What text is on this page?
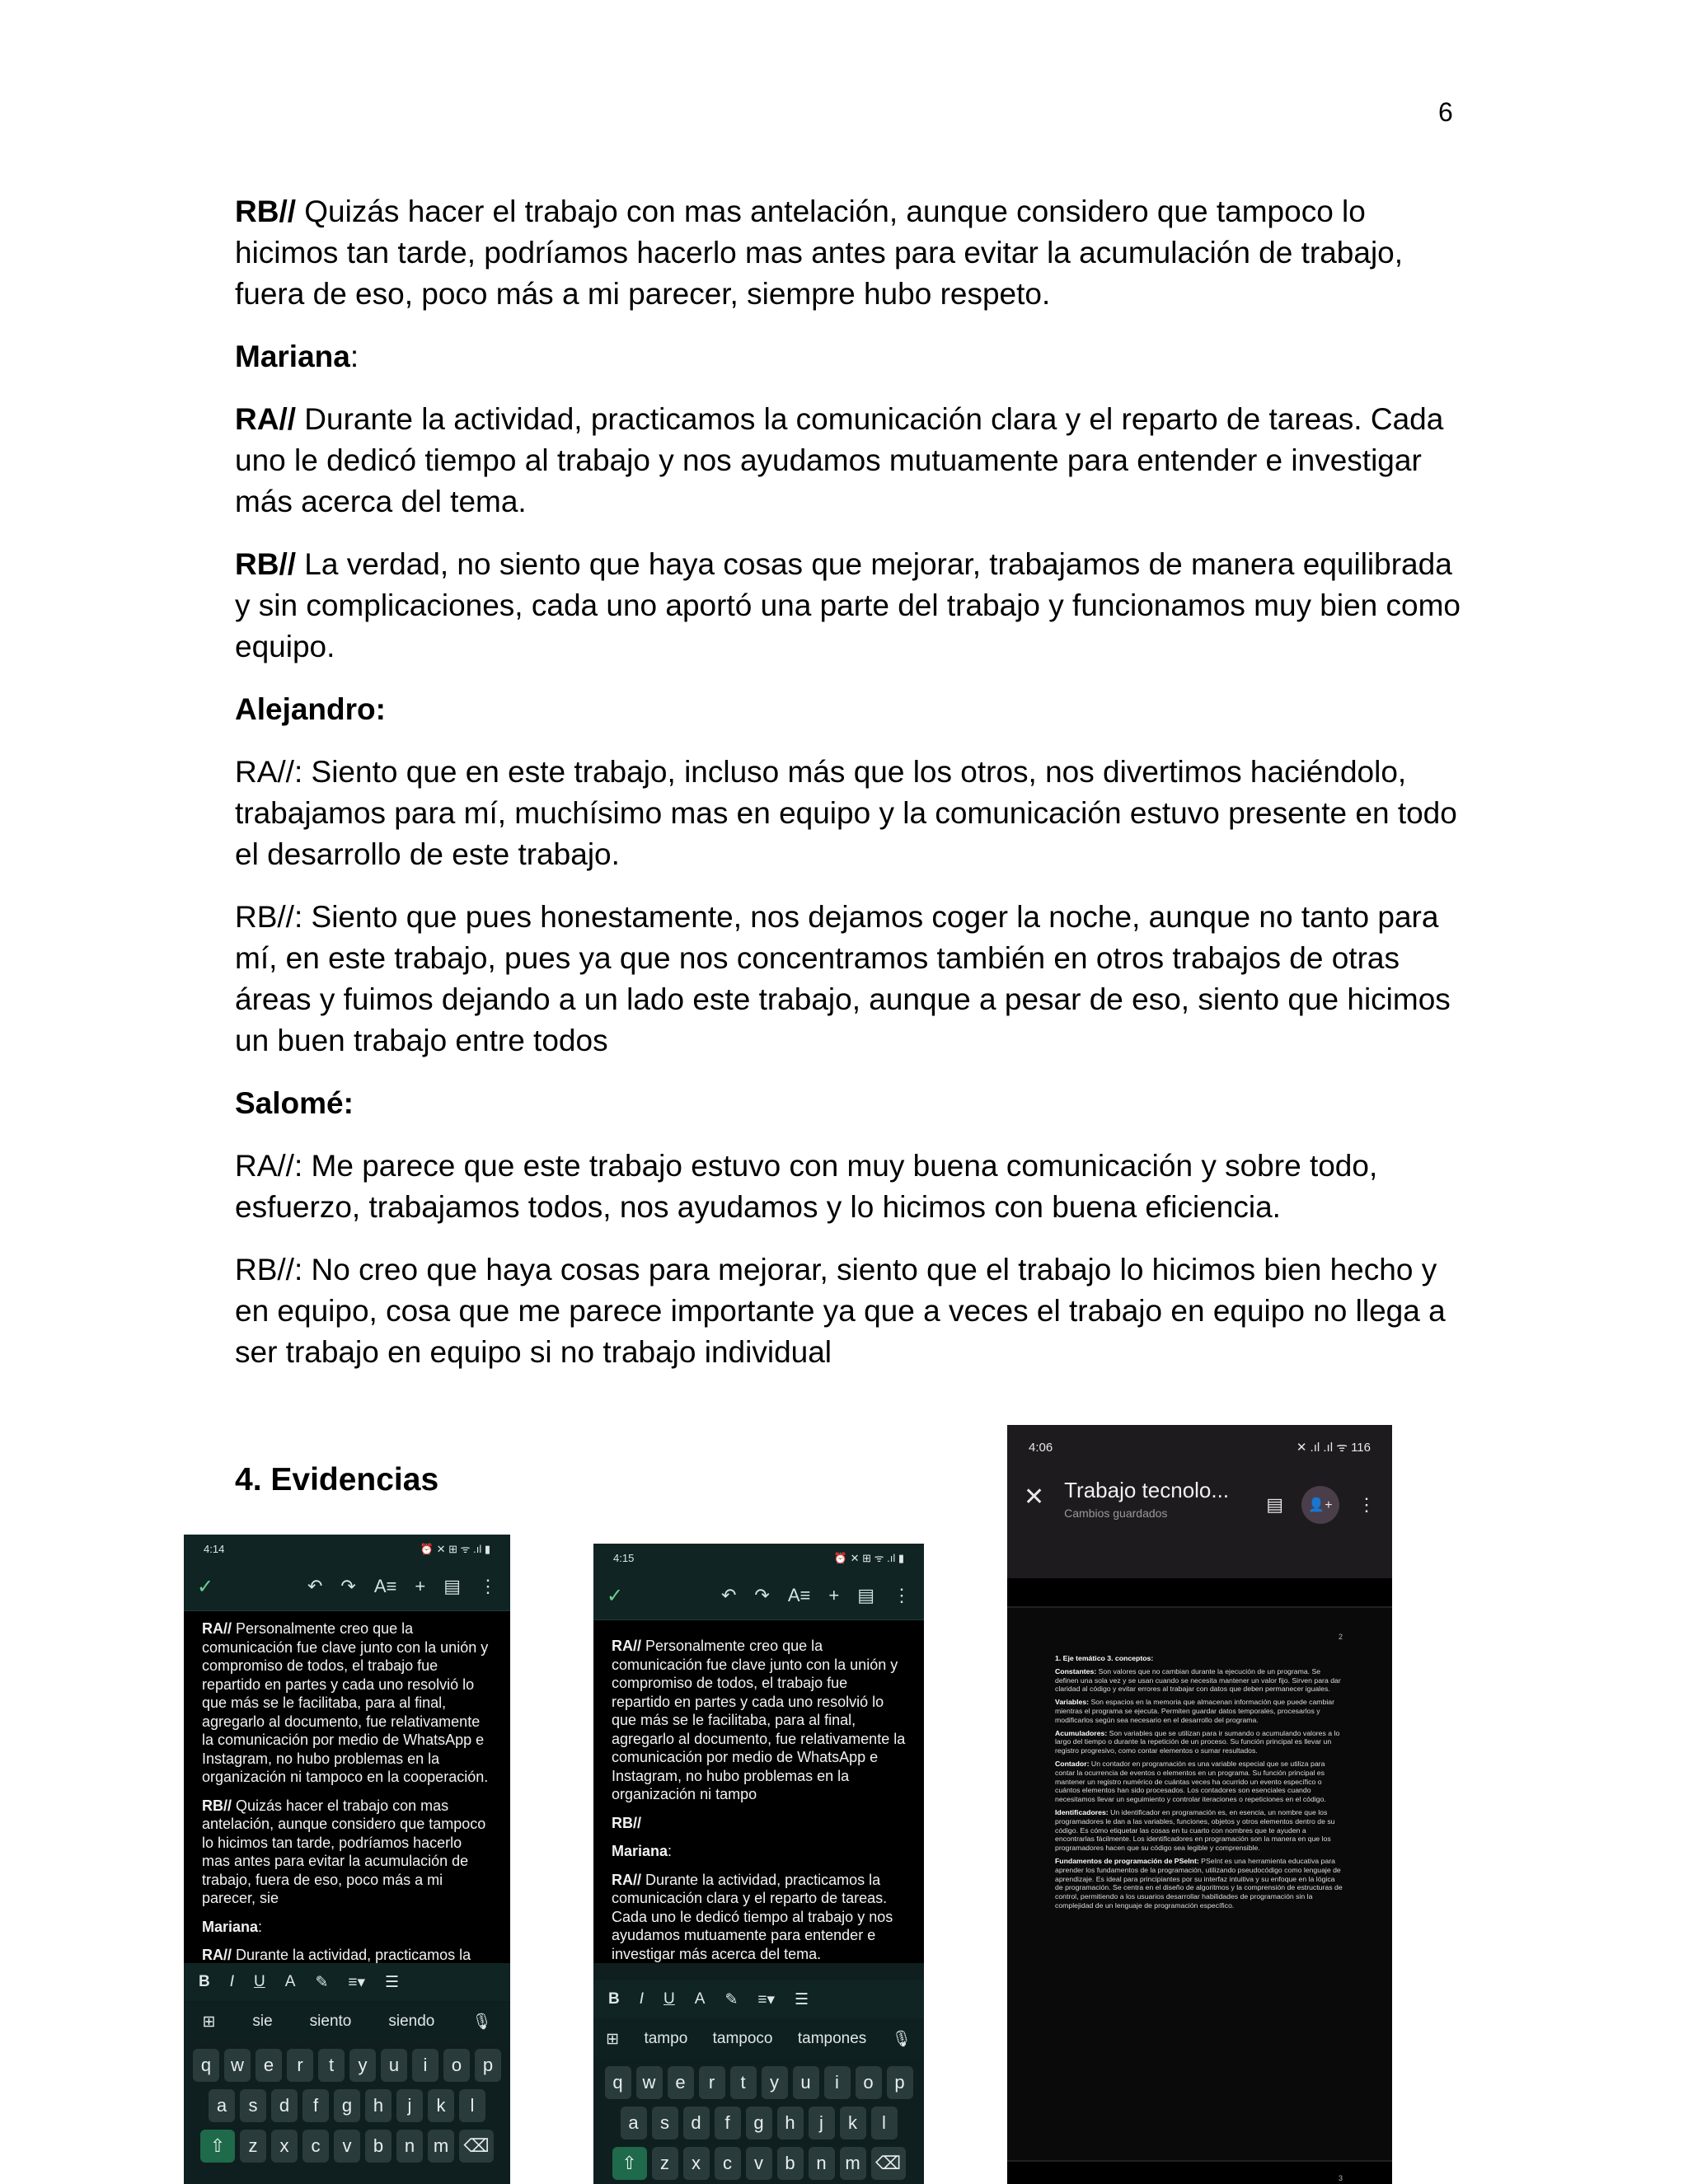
6

RB// Quizás hacer el trabajo con mas antelación, aunque considero que tampoco lo hicimos tan tarde, podríamos hacerlo mas antes para evitar la acumulación de trabajo, fuera de eso, poco más a mi parecer, siempre hubo respeto.

Mariana:

RA// Durante la actividad, practicamos la comunicación clara y el reparto de tareas. Cada uno le dedicó tiempo al trabajo y nos ayudamos mutuamente para entender e investigar más acerca del tema.

RB// La verdad, no siento que haya cosas que mejorar, trabajamos de manera equilibrada y sin complicaciones, cada uno aportó una parte del trabajo y funcionamos muy bien como equipo.

Alejandro:

RA//: Siento que en este trabajo, incluso más que los otros, nos divertimos haciéndolo, trabajamos para mí, muchísimo mas en equipo y la comunicación estuvo presente en todo el desarrollo de este trabajo.

RB//: Siento que pues honestamente, nos dejamos coger la noche, aunque no tanto para mí, en este trabajo, pues ya que nos concentramos también en otros trabajos de otras áreas y fuimos dejando a un lado este trabajo, aunque a pesar de eso, siento que hicimos un buen trabajo entre todos

Salomé:

RA//: Me parece que este trabajo estuvo con muy buena comunicación y sobre todo, esfuerzo, trabajamos todos, nos ayudamos y lo hicimos con buena eficiencia.

RB//: No creo que haya cosas para mejorar, siento que el trabajo lo hicimos bien hecho y en equipo, cosa que me parece importante ya que a veces el trabajo en equipo no llega a ser trabajo en equipo si no trabajo individual

4. Evidencias
4:14	⏰ ✕ ⊞ ᯤ .ıl ▮
✓	↶ ↷ A≡ + ▤ ⋮

RA// Personalmente creo que la comunicación fue clave junto con la unión y compromiso de todos, el trabajo fue repartido en partes y cada uno resolvió lo que más se le facilitaba, para al final, agregarlo al documento, fue relativamente la comunicación por medio de WhatsApp e Instagram, no hubo problemas en la organización ni tampoco en la cooperación.

RB// Quizás hacer el trabajo con mas antelación, aunque considero que tampoco lo hicimos tan tarde, podríamos hacerlo mas antes para evitar la acumulación de trabajo, fuera de eso, poco más a mi parecer, sie

Mariana:

RA// Durante la actividad, practicamos la

B I U A ✎ ≡▾ ☰
⊞ sie siento siendo 🎙
q	w	e	r	t	y	u	i	o	p
a	s	d	f	g	h	j	k	l
⇧	z	x	c	v	b	n	m ⌫
4:15	⏰ ✕ ⊞ ᯤ .ıl ▮
✓	↶ ↷ A≡ + ▤ ⋮

RA// Personalmente creo que la comunicación fue clave junto con la unión y compromiso de todos, el trabajo fue repartido en partes y cada uno resolvió lo que más se le facilitaba, para al final, agregarlo al documento, fue relativamente la comunicación por medio de WhatsApp e Instagram, no hubo problemas en la organización ni tampo

RB//

Mariana:

RA// Durante la actividad, practicamos la comunicación clara y el reparto de tareas. Cada uno le dedicó tiempo al trabajo y nos ayudamos mutuamente para entender e investigar más acerca del tema.

B I U A ✎ ≡▾ ☰
⊞ tampo tampoco tampones 🎙
q	w	e	r	t	y	u	i	o	p
a	s	d	f	g	h	j	k	l
⇧	z	x	c	v	b	n	m ⌫
4:06	✕ .ıl .ıl ᯤ 116
✕ Trabajo tecnolo...
Cambios guardados	▤	👤+	⋮
2

1. Eje temático 3. conceptos:

Constantes: Son valores que no cambian durante la ejecución de un programa. Se definen una sola vez y se usan cuando se necesita mantener un valor fijo. Sirven para dar claridad al código y evitar errores al trabajar con datos que deben permanecer iguales.

Variables: Son espacios en la memoria que almacenan información que puede cambiar mientras el programa se ejecuta. Permiten guardar datos temporales, procesarlos y modificarlos según sea necesario en el desarrollo del programa.

Acumuladores: Son variables que se utilizan para ir sumando o acumulando valores a lo largo del tiempo o durante la repetición de un proceso. Su función principal es llevar un registro progresivo, como contar elementos o sumar resultados.

Contador: Un contador en programación es una variable especial que se utiliza para contar la ocurrencia de eventos o elementos en un programa. Su función principal es mantener un registro numérico de cuántas veces ha ocurrido un evento específico o cuántos elementos han sido procesados. Los contadores son esenciales cuando necesitamos llevar un seguimiento y controlar iteraciones o repeticiones en el código.

Identificadores: Un identificador en programación es, en esencia, un nombre que los programadores le dan a las variables, funciones, objetos y otros elementos dentro de su código. Es cómo etiquetar las cosas en tu cuarto con nombres que te ayuden a encontrarlas fácilmente. Los identificadores en programación son la manera en que los programadores hacen que su código sea legible y comprensible.

Fundamentos de programación de PSeInt: PSeInt es una herramienta educativa para aprender los fundamentos de la programación, utilizando pseudocódigo como lenguaje de aprendizaje. Es ideal para principiantes por su interfaz intuitiva y su enfoque en la lógica de programación. Se centra en el diseño de algoritmos y la comprensión de estructuras de control, permitiendo a los usuarios desarrollar habilidades de programación sin la complejidad de un lenguaje de programación específico.

3
